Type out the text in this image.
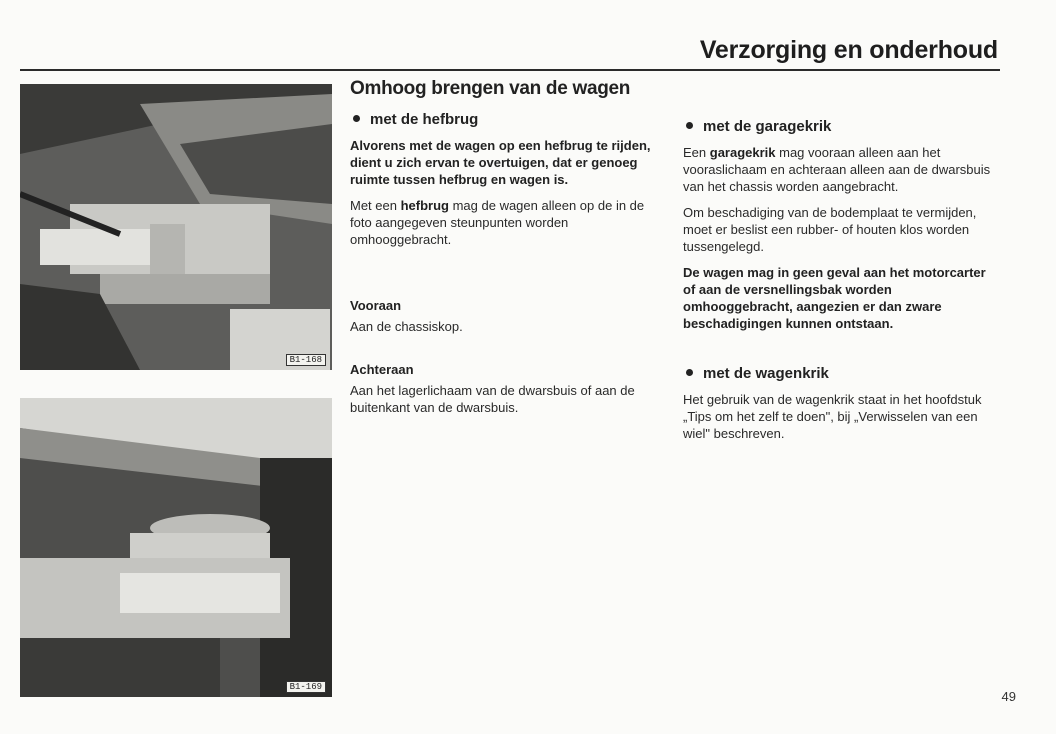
Verzorging en onderhoud
B1-168
B1-169
Omhoog brengen van de wagen
met de hefbrug

Alvorens met de wagen op een hefbrug te rijden, dient u zich ervan te overtuigen, dat er genoeg ruimte tussen hefbrug en wagen is.

Met een hefbrug mag de wagen alleen op de in de foto aangegeven steunpunten worden omhooggebracht.

Vooraan

Aan de chassiskop.

Achteraan

Aan het lagerlichaam van de dwarsbuis of aan de buitenkant van de dwarsbuis.

met de garagekrik

Een garagekrik mag vooraan alleen aan het vooraslichaam en achteraan alleen aan de dwarsbuis van het chassis worden aangebracht.

Om beschadiging van de bodemplaat te vermijden, moet er beslist een rubber- of houten klos worden tussengelegd.

De wagen mag in geen geval aan het motorcarter of aan de versnellingsbak worden omhooggebracht, aangezien er dan zware beschadigingen kunnen ontstaan.

met de wagenkrik

Het gebruik van de wagenkrik staat in het hoofdstuk „Tips om het zelf te doen", bij „Verwisselen van een wiel" beschreven.

49
